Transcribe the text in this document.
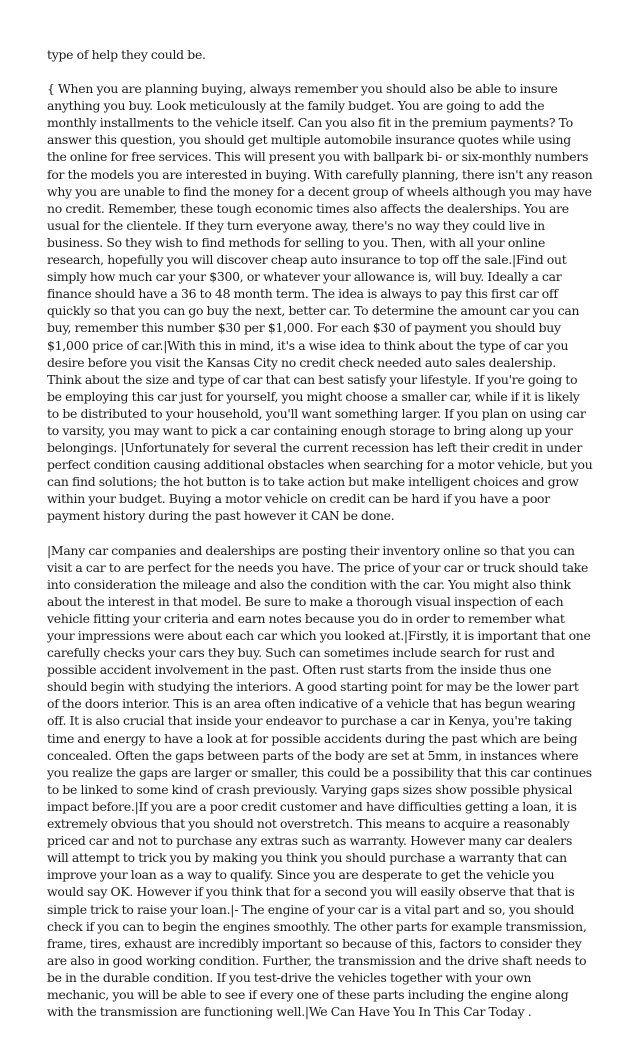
type of help they could be.

{ When you are planning buying, always remember you should also be able to insure anything you buy. Look meticulously at the family budget. You are going to add the monthly installments to the vehicle itself. Can you also fit in the premium payments? To answer this question, you should get multiple automobile insurance quotes while using the online for free services. This will present you with ballpark bi- or six-monthly numbers for the models you are interested in buying. With carefully planning, there isn't any reason why you are unable to find the money for a decent group of wheels although you may have no credit. Remember, these tough economic times also affects the dealerships. You are usual for the clientele. If they turn everyone away, there's no way they could live in business. So they wish to find methods for selling to you. Then, with all your online research, hopefully you will discover cheap auto insurance to top off the sale.|Find out simply how much car your $300, or whatever your allowance is, will buy. Ideally a car finance should have a 36 to 48 month term. The idea is always to pay this first car off quickly so that you can go buy the next, better car. To determine the amount car you can buy, remember this number $30 per $1,000. For each $30 of payment you should buy $1,000 price of car.|With this in mind, it's a wise idea to think about the type of car you desire before you visit the Kansas City no credit check needed auto sales dealership. Think about the size and type of car that can best satisfy your lifestyle. If you're going to be employing this car just for yourself, you might choose a smaller car, while if it is likely to be distributed to your household, you'll want something larger. If you plan on using car to varsity, you may want to pick a car containing enough storage to bring along up your belongings. |Unfortunately for several the current recession has left their credit in under perfect condition causing additional obstacles when searching for a motor vehicle, but you can find solutions; the hot button is to take action but make intelligent choices and grow within your budget. Buying a motor vehicle on credit can be hard if you have a poor payment history during the past however it CAN be done.

|Many car companies and dealerships are posting their inventory online so that you can visit a car to are perfect for the needs you have. The price of your car or truck should take into consideration the mileage and also the condition with the car. You might also think about the interest in that model. Be sure to make a thorough visual inspection of each vehicle fitting your criteria and earn notes because you do in order to remember what your impressions were about each car which you looked at.|Firstly, it is important that one carefully checks your cars they buy. Such can sometimes include search for rust and possible accident involvement in the past. Often rust starts from the inside thus one should begin with studying the interiors. A good starting point for may be the lower part of the doors interior. This is an area often indicative of a vehicle that has begun wearing off. It is also crucial that inside your endeavor to purchase a car in Kenya, you're taking time and energy to have a look at for possible accidents during the past which are being concealed. Often the gaps between parts of the body are set at 5mm, in instances where you realize the gaps are larger or smaller, this could be a possibility that this car continues to be linked to some kind of crash previously. Varying gaps sizes show possible physical impact before.|If you are a poor credit customer and have difficulties getting a loan, it is extremely obvious that you should not overstretch. This means to acquire a reasonably priced car and not to purchase any extras such as warranty. However many car dealers will attempt to trick you by making you think you should purchase a warranty that can improve your loan as a way to qualify. Since you are desperate to get the vehicle you would say OK. However if you think that for a second you will easily observe that that is simple trick to raise your loan.|- The engine of your car is a vital part and so, you should check if you can to begin the engines smoothly. The other parts for example transmission, frame, tires, exhaust are incredibly important so because of this, factors to consider they are also in good working condition. Further, the transmission and the drive shaft needs to be in the durable condition. If you test-drive the vehicles together with your own mechanic, you will be able to see if every one of these parts including the engine along with the transmission are functioning well.|We Can Have You In This Car Today .
